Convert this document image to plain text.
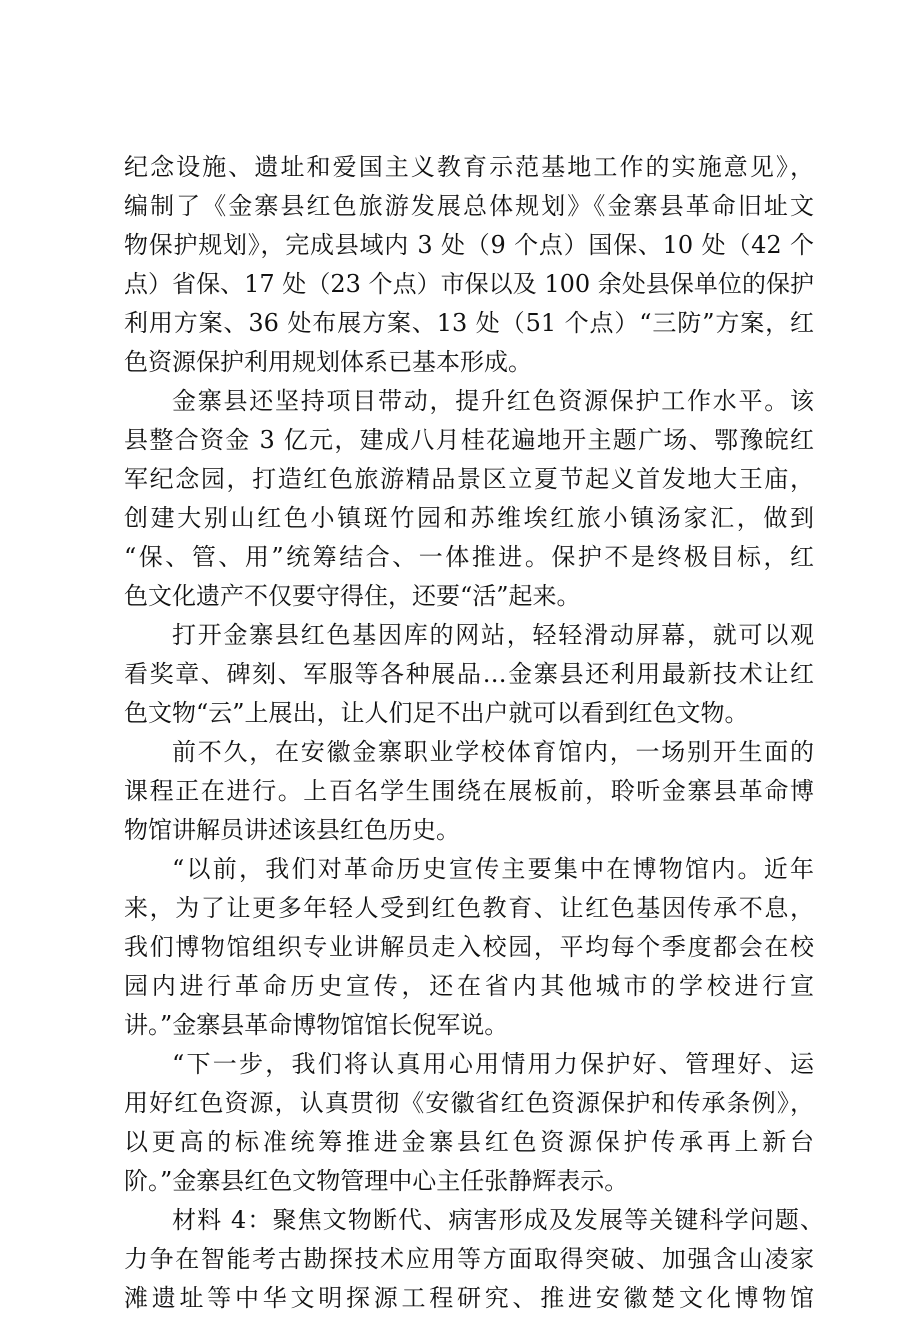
纪念设施、遗址和爱国主义教育示范基地工作的实施意见》，
编制了《金寨县红色旅游发展总体规划》《金寨县革命旧址文
物保护规划》，完成县域内 3 处（9 个点）国保、10 处（42 个
点）省保、17 处（23 个点）市保以及 100 余处县保单位的保护
利用方案、36 处布展方案、13 处（51 个点）“三防”方案，红
色资源保护利用规划体系已基本形成。
金寨县还坚持项目带动，提升红色资源保护工作水平。该
县整合资金 3 亿元，建成八月桂花遍地开主题广场、鄂豫皖红
军纪念园，打造红色旅游精品景区立夏节起义首发地大王庙，
创建大别山红色小镇斑竹园和苏维埃红旅小镇汤家汇，做到
“保、管、用”统筹结合、一体推进。保护不是终极目标，红
色文化遗产不仅要守得住，还要“活”起来。
打开金寨县红色基因库的网站，轻轻滑动屏幕，就可以观
看奖章、碑刻、军服等各种展品…金寨县还利用最新技术让红
色文物“云”上展出，让人们足不出户就可以看到红色文物。
前不久，在安徽金寨职业学校体育馆内，一场别开生面的
课程正在进行。上百名学生围绕在展板前，聆听金寨县革命博
物馆讲解员讲述该县红色历史。
“以前，我们对革命历史宣传主要集中在博物馆内。近年
来，为了让更多年轻人受到红色教育、让红色基因传承不息，
我们博物馆组织专业讲解员走入校园，平均每个季度都会在校
园内进行革命历史宣传，还在省内其他城市的学校进行宣
讲。”金寨县革命博物馆馆长倪军说。
“下一步，我们将认真用心用情用力保护好、管理好、运
用好红色资源，认真贯彻《安徽省红色资源保护和传承条例》，
以更高的标准统筹推进金寨县红色资源保护传承再上新台
阶。”金寨县红色文物管理中心主任张静辉表示。
材料 4：聚焦文物断代、病害形成及发展等关键科学问题、
力争在智能考古勘探技术应用等方面取得突破、加强含山凌家
滩遗址等中华文明探源工程研究、推进安徽楚文化博物馆
